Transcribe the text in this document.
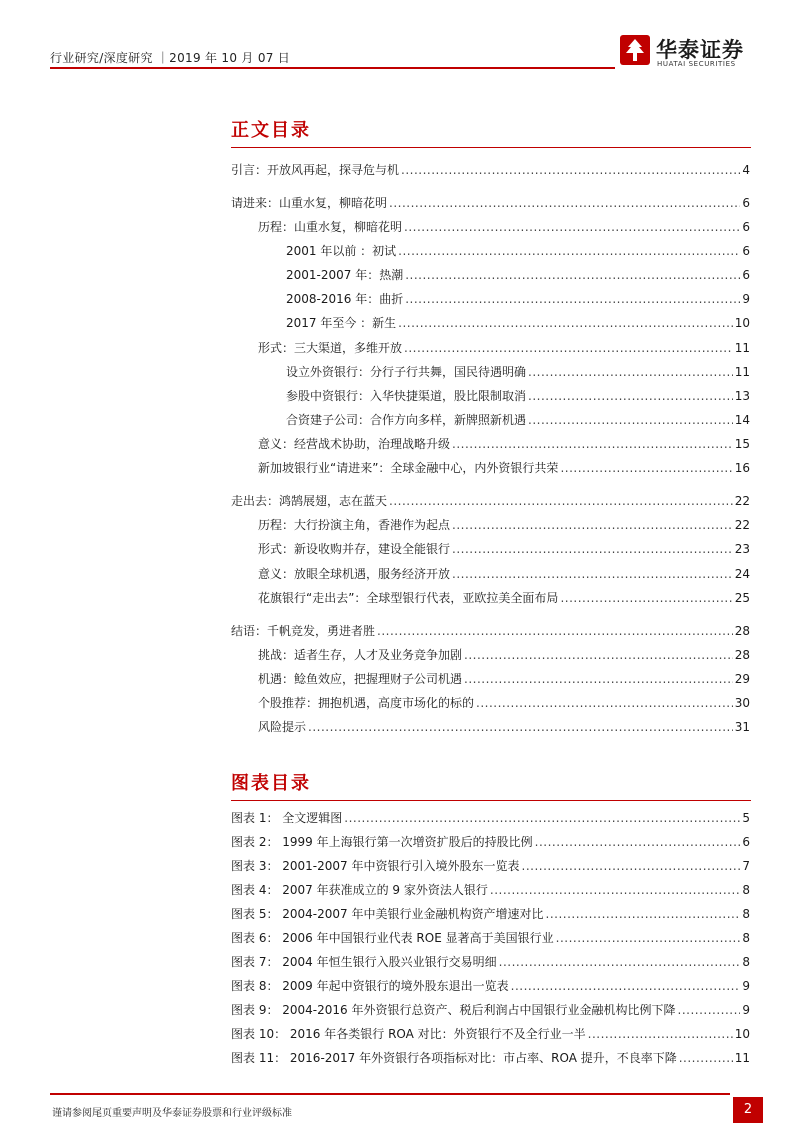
行业研究/深度研究 ｜2019 年 10 月 07 日	华泰证券
HUATAI SECURITIES
正文目录
引言：开放风再起，探寻危与机 .....	4
请进来：山重水复，柳暗花明 .....	6
历程：山重水复，柳暗花明 .....	6
2001 年以前 ：初试 .....	6
2001-2007 年：热潮 .....	6
2008-2016 年：曲折 .....	9
2017 年至今 ：新生 .....	10
形式：三大渠道，多维开放 .....	11
设立外资银行：分行子行共舞，国民待遇明确 .....	11
参股中资银行：入华快捷渠道，股比限制取消 .....	13
合资建子公司：合作方向多样，新牌照新机遇 .....	14
意义：经营战术协助，治理战略升级 .....	15
新加坡银行业“请进来”：全球金融中心，内外资银行共荣 .....	16
走出去：鸿鹄展翅，志在蓝天 .....	22
历程：大行扮演主角，香港作为起点 .....	22
形式：新设收购并存，建设全能银行 .....	23
意义：放眼全球机遇，服务经济开放 .....	24
花旗银行“走出去”：全球型银行代表，亚欧拉美全面布局 .....	25
结语：千帆竞发，勇进者胜 .....	28
挑战：适者生存，人才及业务竞争加剧 .....	28
机遇：鲶鱼效应，把握理财子公司机遇 .....	29
个股推荐：拥抱机遇，高度市场化的标的 .....	30
风险提示 .....	31
图表目录
图表 1： 全文逻辑图 .....	5
图表 2： 1999 年上海银行第一次增资扩股后的持股比例 .....	6
图表 3： 2001-2007 年中资银行引入境外股东一览表 .....	7
图表 4： 2007 年获准成立的 9 家外资法人银行 .....	8
图表 5： 2004-2007 年中美银行业金融机构资产增速对比 .....	8
图表 6： 2006 年中国银行业代表 ROE 显著高于美国银行业 .....	8
图表 7： 2004 年恒生银行入股兴业银行交易明细 .....	8
图表 8： 2009 年起中资银行的境外股东退出一览表 .....	9
图表 9： 2004-2016 年外资银行总资产、税后利润占中国银行业金融机构比例下降 .....	9
图表 10： 2016 年各类银行 ROA 对比：外资银行不及全行业一半 .....	10
图表 11： 2016-2017 年外资银行各项指标对比：市占率、ROA 提升，不良率下降 .....	11
谨请参阅尾页重要声明及华泰证券股票和行业评级标准	2
